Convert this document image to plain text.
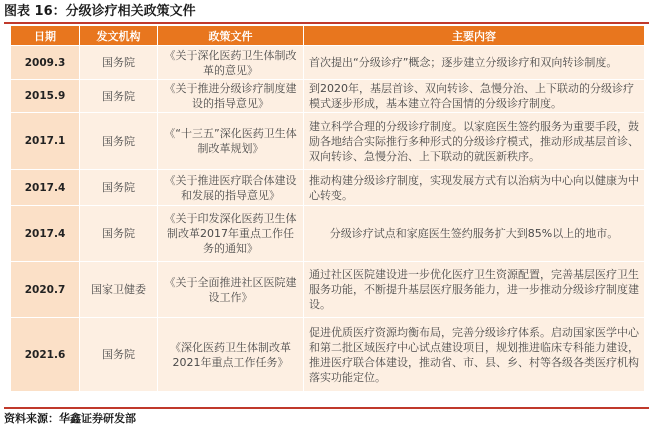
图表 16：分级诊疗相关政策文件
日期	发文机构	政策文件	主要内容
2009.3	国务院	《关于深化医药卫生体制改革的意见》	首次提出“分级诊疗”概念；逐步建立分级诊疗和双向转诊制度。
2015.9	国务院	《关于推进分级诊疗制度建设的指导意见》	到2020年，基层首诊、双向转诊、急慢分治、上下联动的分级诊疗模式逐步形成，基本建立符合国情的分级诊疗制度。
2017.1	国务院	《“十三五”深化医药卫生体制改革规划》	建立科学合理的分级诊疗制度。以家庭医生签约服务为重要手段，鼓励各地结合实际推行多种形式的分级诊疗模式，推动形成基层首诊、双向转诊、急慢分治、上下联动的就医新秩序。
2017.4	国务院	《关于推进医疗联合体建设和发展的指导意见》	推动构建分级诊疗制度，实现发展方式有以治病为中心向以健康为中心转变。
2017.4	国务院	《关于印发深化医药卫生体制改革2017年重点工作任务的通知》	分级诊疗试点和家庭医生签约服务扩大到85%以上的地市。
2020.7	国家卫健委	《关于全面推进社区医院建设工作》	通过社区医院建设进一步优化医疗卫生资源配置，完善基层医疗卫生服务功能，不断提升基层医疗服务能力，进一步推动分级诊疗制度建设。
2021.6	国务院	《深化医药卫生体制改革2021年重点工作任务》	促进优质医疗资源均衡布局，完善分级诊疗体系。启动国家医学中心和第二批区域医疗中心试点建设项目，规划推进临床专科能力建设，推进医疗联合体建设，推动省、市、县、乡、村等各级各类医疗机构落实功能定位。
资料来源：华鑫证券研发部
